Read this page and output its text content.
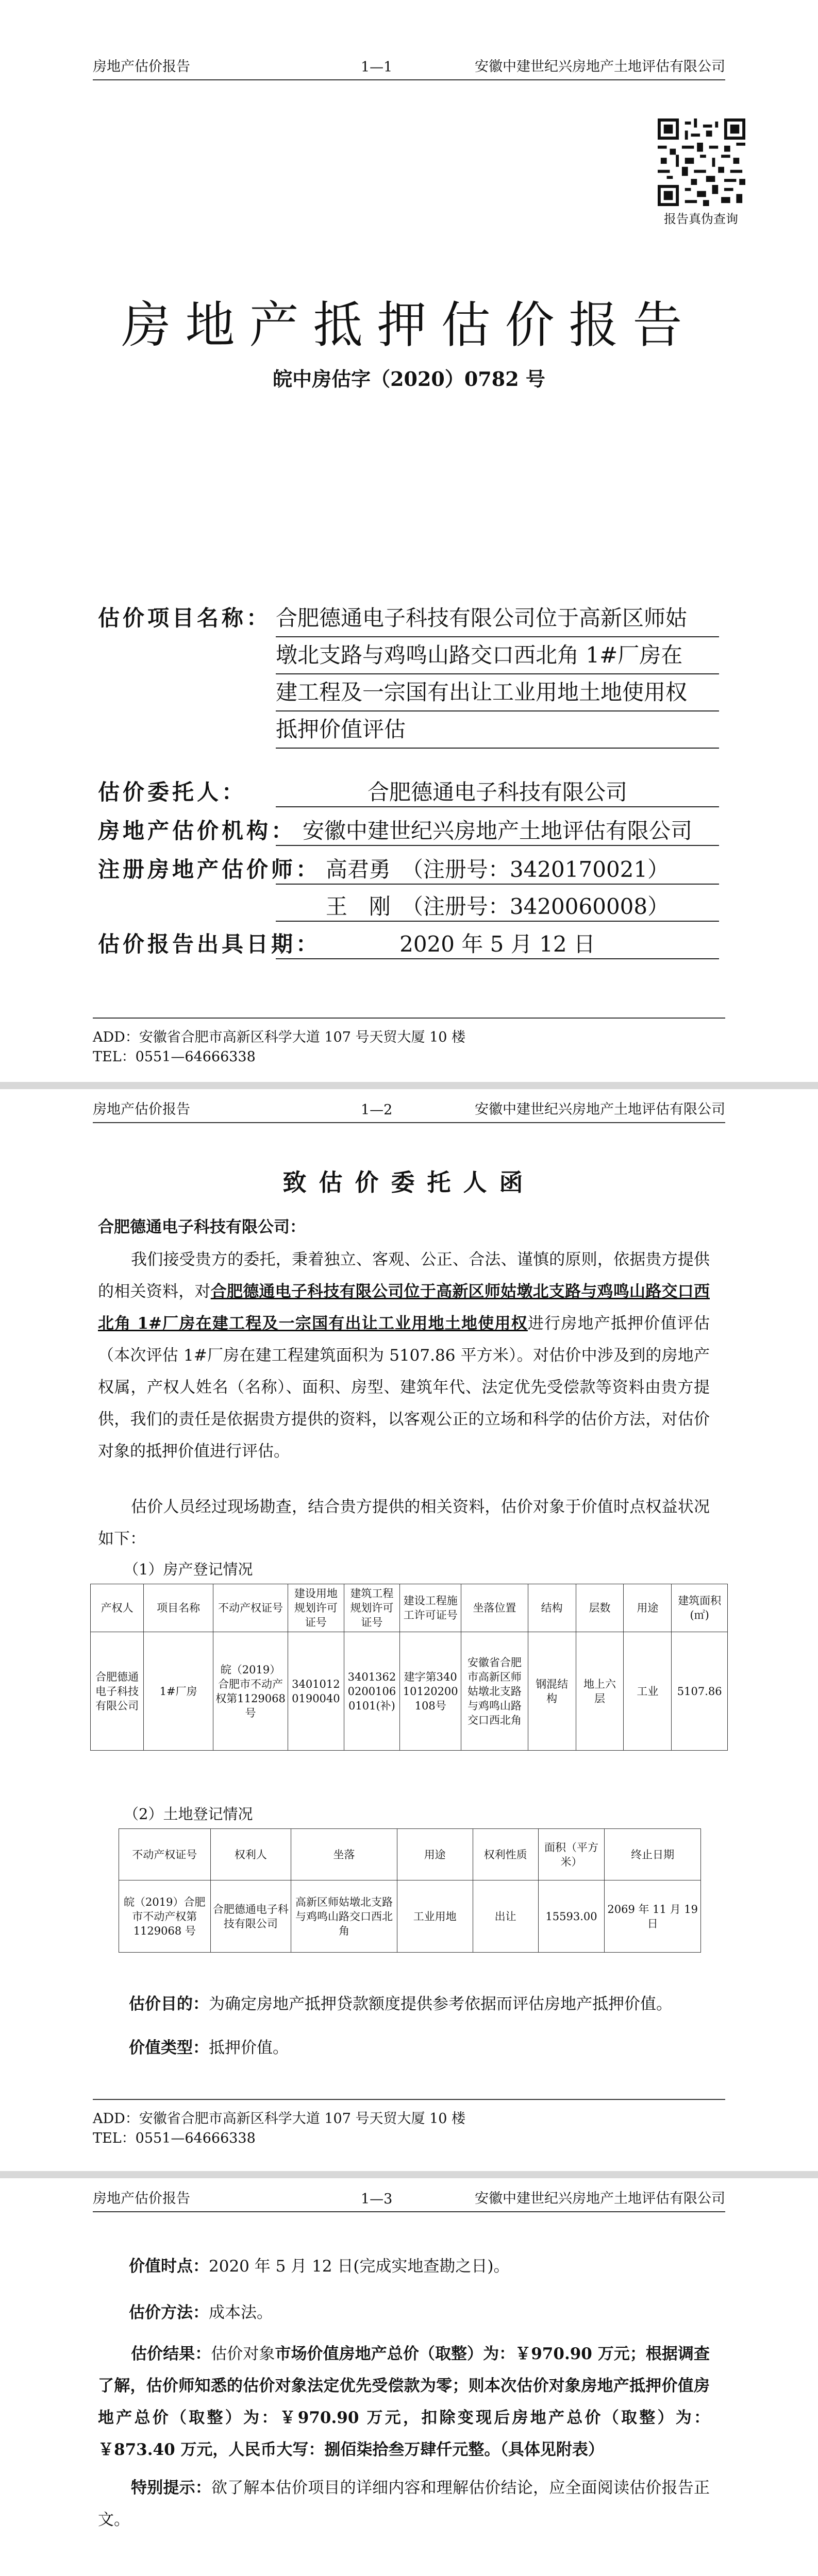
房地产估价报告	1—1	安徽中建世纪兴房地产土地评估有限公司
报告真伪查询
房地产抵押估价报告
皖中房估字（2020）0782 号
估价项目名称： 合肥德通电子科技有限公司位于高新区师姑 墩北支路与鸡鸣山路交口西北角 1#厂房在 建工程及一宗国有出让工业用地土地使用权 抵押价值评估
估价委托人：	合肥德通电子科技有限公司
房地产估价机构： 安徽中建世纪兴房地产土地评估有限公司
注册房地产估价师： 高君勇　（注册号：3420170021）
王　刚　（注册号：3420060008）
估价报告出具日期：	2020 年 5 月 12 日
ADD：安徽省合肥市高新区科学大道 107 号天贸大厦 10 楼
TEL：0551—64666338
房地产估价报告	1—2	安徽中建世纪兴房地产土地评估有限公司
致估价委托人函
合肥德通电子科技有限公司：
我们接受贵方的委托，秉着独立、客观、公正、合法、谨慎的原则，依据贵方提供的相关资料，对合肥德通电子科技有限公司位于高新区师姑墩北支路与鸡鸣山路交口西北角 1#厂房在建工程及一宗国有出让工业用地土地使用权进行房地产抵押价值评估（本次评估 1#厂房在建工程建筑面积为 5107.86 平方米）。对估价中涉及到的房地产权属，产权人姓名（名称）、面积、房型、建筑年代、法定优先受偿款等资料由贵方提供，我们的责任是依据贵方提供的资料，以客观公正的立场和科学的估价方法，对估价对象的抵押价值进行评估。
估价人员经过现场勘查，结合贵方提供的相关资料，估价对象于价值时点权益状况如下：
（1）房产登记情况
产权人	项目名称	不动产权证号	建设用地规划许可证号	建筑工程规划许可证号	建设工程施工许可证号	坐落位置	结构	层数	用途	建筑面积(㎡)
合肥德通电子科技有限公司	1#厂房	皖（2019）合肥市不动产权第1129068号	34010120190040	340136202001060101(补)	建字第34010120200108号	安徽省合肥市高新区师姑墩北支路与鸡鸣山路交口西北角	钢混结构	地上六层	工业	5107.86
（2）土地登记情况
不动产权证号	权利人	坐落	用途	权利性质	面积（平方米）	终止日期
皖（2019）合肥市不动产权第 1129068 号	合肥德通电子科技有限公司	高新区师姑墩北支路与鸡鸣山路交口西北角	工业用地	出让	15593.00	2069 年 11 月 19 日
估价目的：为确定房地产抵押贷款额度提供参考依据而评估房地产抵押价值。
价值类型：抵押价值。
ADD：安徽省合肥市高新区科学大道 107 号天贸大厦 10 楼
TEL：0551—64666338
房地产估价报告	1—3	安徽中建世纪兴房地产土地评估有限公司
价值时点：2020 年 5 月 12 日(完成实地查勘之日)。
估价方法：成本法。
估价结果：估价对象市场价值房地产总价（取整）为：￥970.90 万元；根据调查了解，估价师知悉的估价对象法定优先受偿款为零；则本次估价对象房地产抵押价值房地产总价（取整）为：￥970.90 万元，扣除变现后房地产总价（取整）为：￥873.40 万元，人民币大写：捌佰柒拾叁万肆仟元整。（具体见附表）
特别提示：欲了解本估价项目的详细内容和理解估价结论，应全面阅读估价报告正文。
